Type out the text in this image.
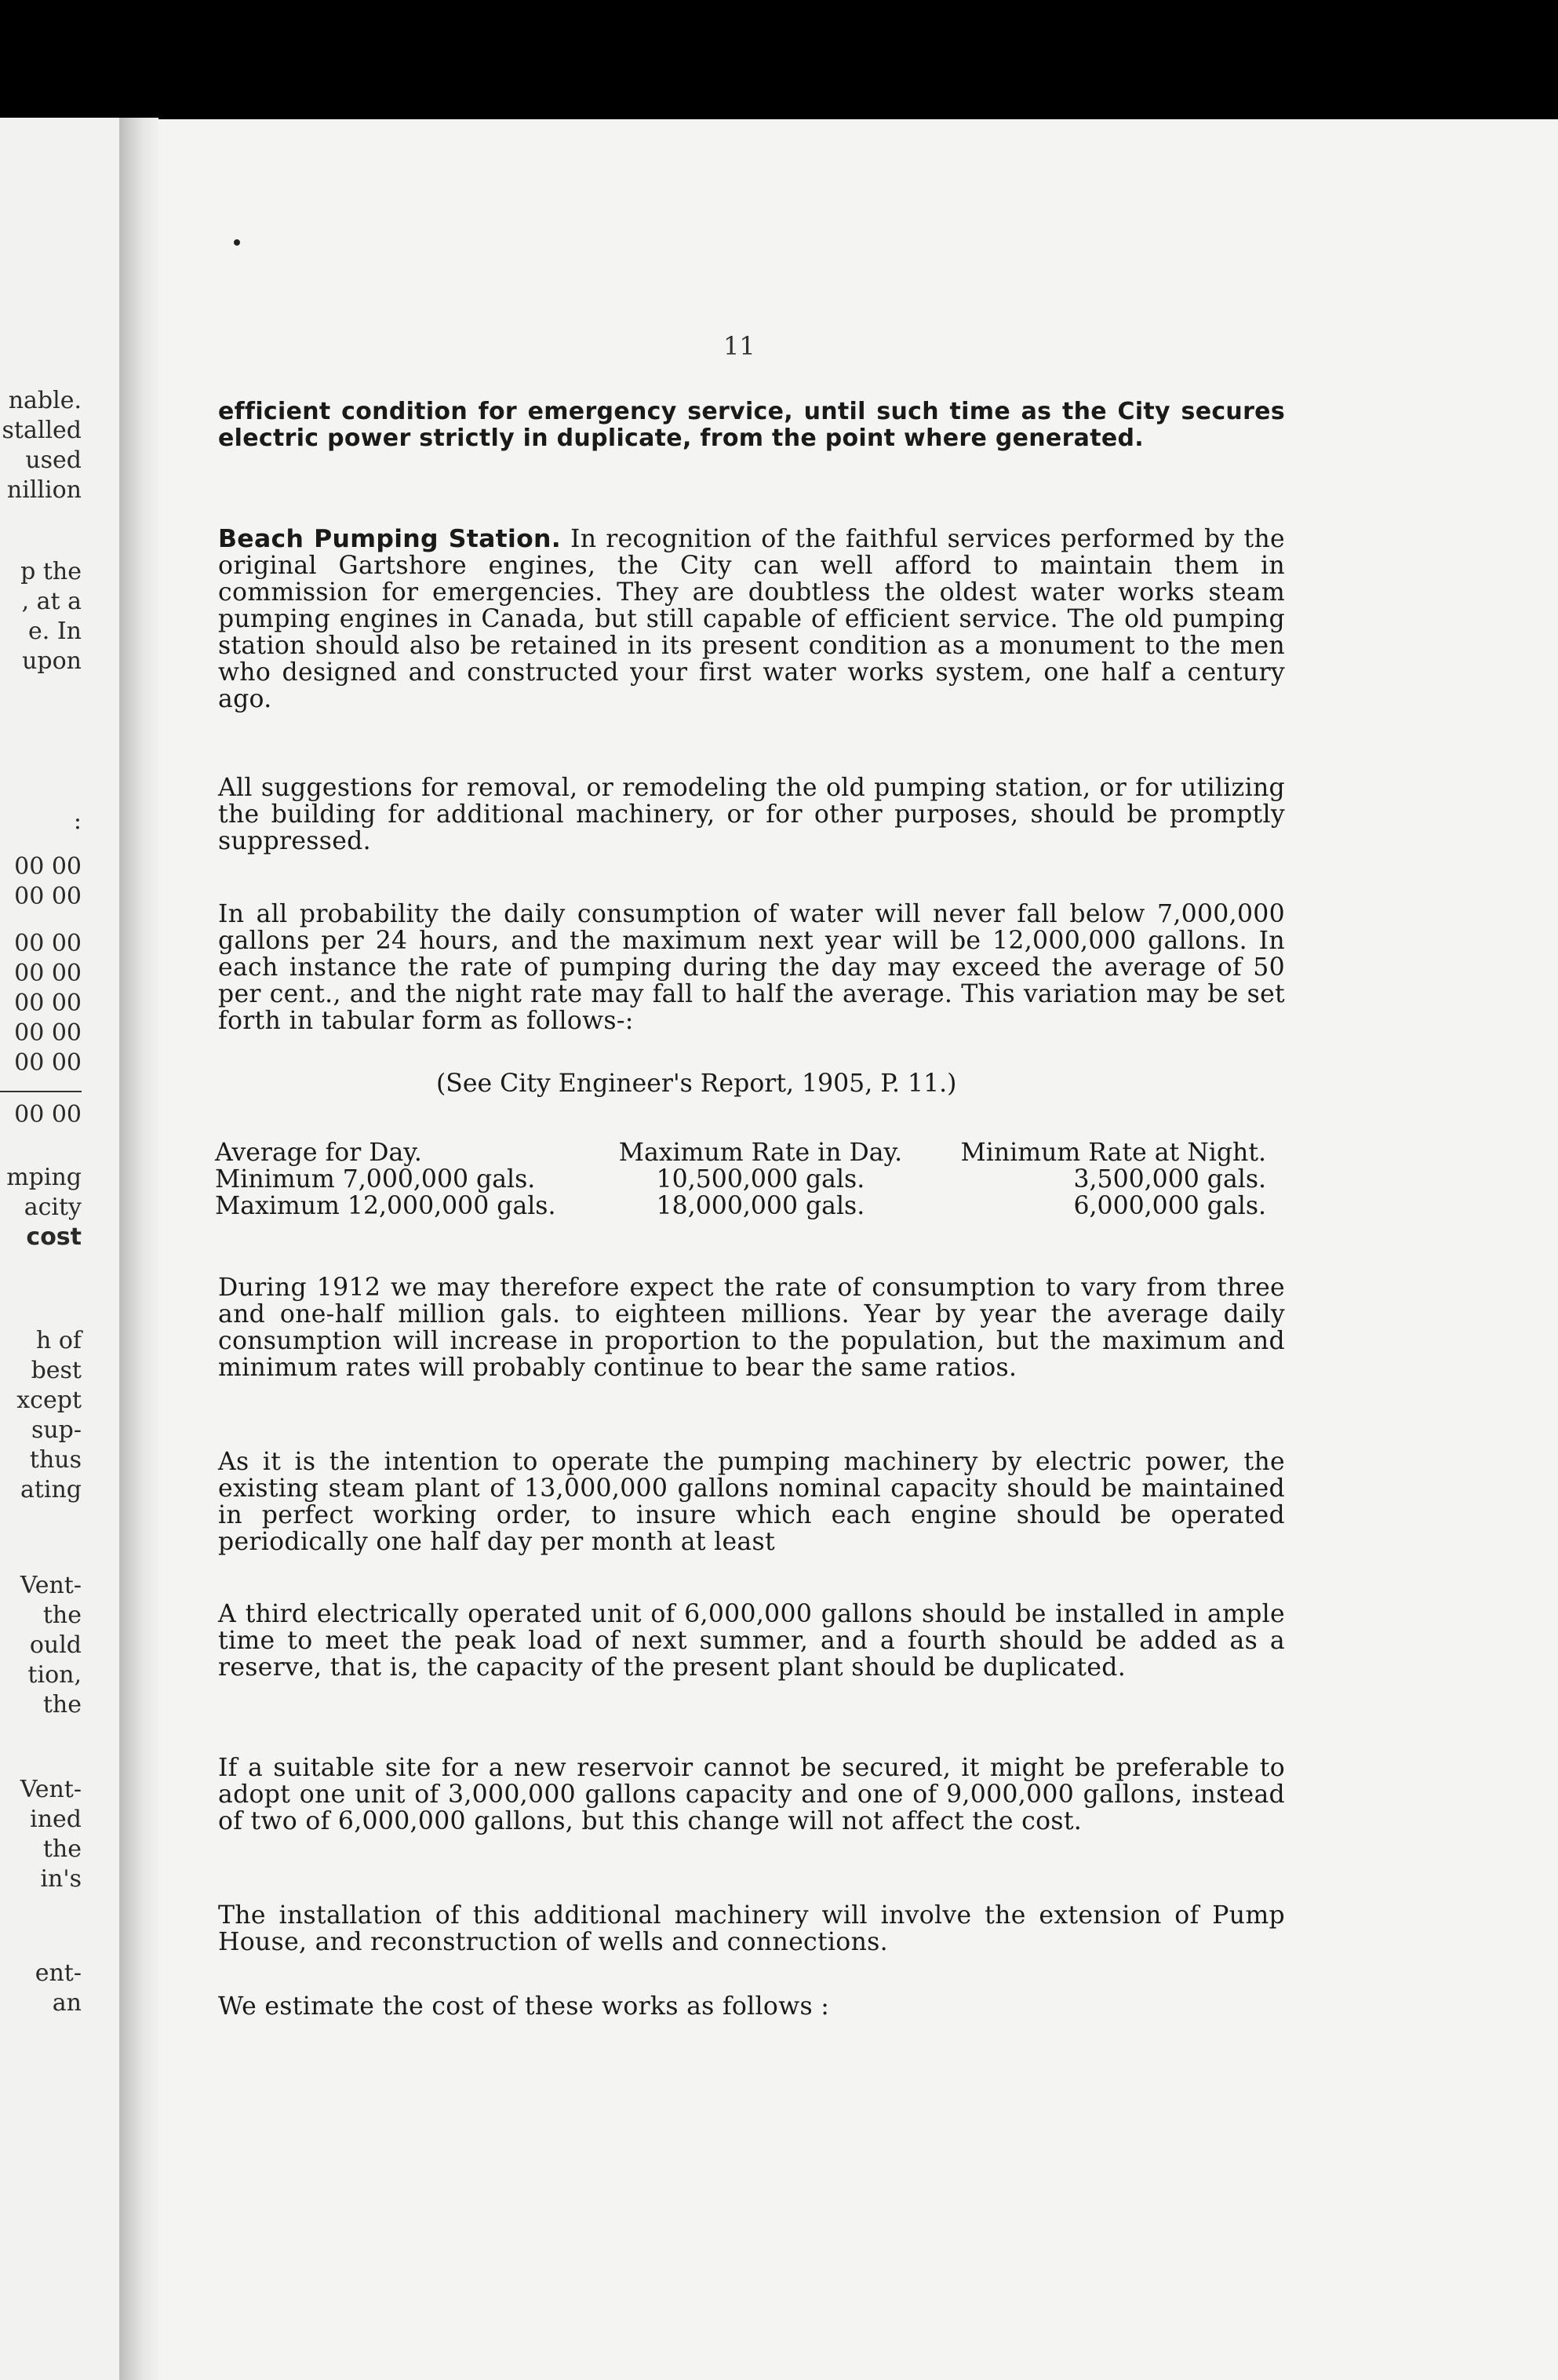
nable.
stalled
used
nillion
p the
, at a
e. In
upon
:
00 00
00 00
00 00
00 00
00 00
00 00
00 00
00 00
mping
acity
cost
h of
best
xcept
sup-
thus
ating
Vent-
the
ould
tion,
the
Vent-
ined
the
in's
ent-
an
11
efficient condition for emergency service, until such time as the City secures electric power strictly in duplicate, from the point where generated.
Beach Pumping Station. In recognition of the faithful services performed by the original Gartshore engines, the City can well afford to maintain them in commission for emergencies. They are doubtless the oldest water works steam pumping engines in Canada, but still capable of efficient service. The old pumping station should also be retained in its present condition as a monument to the men who designed and constructed your first water works system, one half a century ago.
All suggestions for removal, or remodeling the old pumping station, or for utilizing the building for additional machinery, or for other purposes, should be promptly suppressed.
In all probability the daily consumption of water will never fall below 7,000,000 gallons per 24 hours, and the maximum next year will be 12,000,000 gallons. In each instance the rate of pumping during the day may exceed the average of 50 per cent., and the night rate may fall to half the average. This variation may be set forth in tabular form as follows-:
(See City Engineer's Report, 1905, P. 11.)
Average for Day.	Maximum Rate in Day.	Minimum Rate at Night.
Minimum 7,000,000 gals.	10,500,000 gals.	3,500,000 gals.
Maximum 12,000,000 gals.	18,000,000 gals.	6,000,000 gals.
During 1912 we may therefore expect the rate of consumption to vary from three and one-half million gals. to eighteen millions. Year by year the average daily consumption will increase in proportion to the population, but the maximum and minimum rates will probably continue to bear the same ratios.
As it is the intention to operate the pumping machinery by electric power, the existing steam plant of 13,000,000 gallons nominal capacity should be maintained in perfect working order, to insure which each engine should be operated periodically one half day per month at least
A third electrically operated unit of 6,000,000 gallons should be installed in ample time to meet the peak load of next summer, and a fourth should be added as a reserve, that is, the capacity of the present plant should be duplicated.
If a suitable site for a new reservoir cannot be secured, it might be preferable to adopt one unit of 3,000,000 gallons capacity and one of 9,000,000 gallons, instead of two of 6,000,000 gallons, but this change will not affect the cost.
The installation of this additional machinery will involve the extension of Pump House, and reconstruction of wells and connections.
We estimate the cost of these works as follows :
